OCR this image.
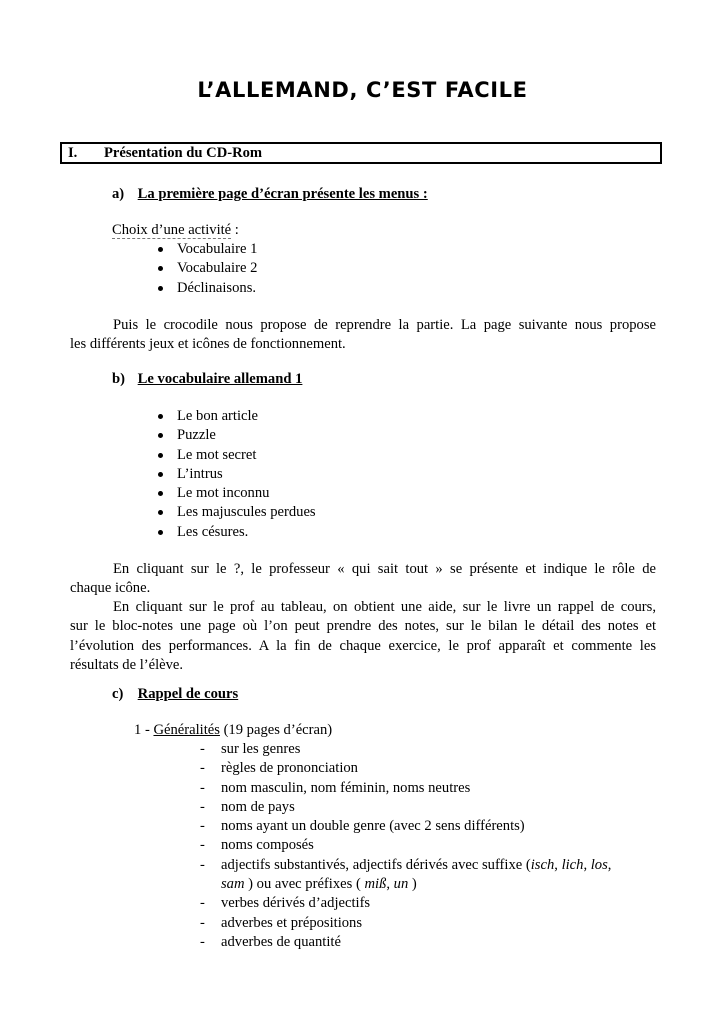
L’ALLEMAND, C’EST FACILE
I. Présentation du CD-Rom
a) La première page d’écran présente les menus :
Choix d’une activité :
Vocabulaire 1
Vocabulaire 2
Déclinaisons.
Puis le crocodile nous propose de reprendre la partie. La page suivante nous propose
les différents jeux et icônes de fonctionnement.
b) Le vocabulaire allemand 1
Le bon article
Puzzle
Le mot secret
L’intrus
Le mot inconnu
Les majuscules perdues
Les césures.
En cliquant sur le ?, le professeur « qui sait tout » se présente et indique le rôle de
chaque icône.
En cliquant sur le prof au tableau, on obtient une aide, sur le livre un rappel de cours,
sur le bloc-notes une page où l’on peut prendre des notes, sur le bilan le détail des notes et
l’évolution des performances. A la fin de chaque exercice, le prof apparaît et commente les
résultats de l’élève.
c) Rappel de cours
1 - Généralités (19 pages d’écran)
- sur les genres
- règles de prononciation
- nom masculin, nom féminin, noms neutres
- nom de pays
- noms ayant un double genre (avec 2 sens différents)
- noms composés
- adjectifs substantivés, adjectifs dérivés avec suffixe (isch, lich, los,
sam ) ou avec préfixes ( miß, un )
- verbes dérivés d’adjectifs
- adverbes et prépositions
- adverbes de quantité
